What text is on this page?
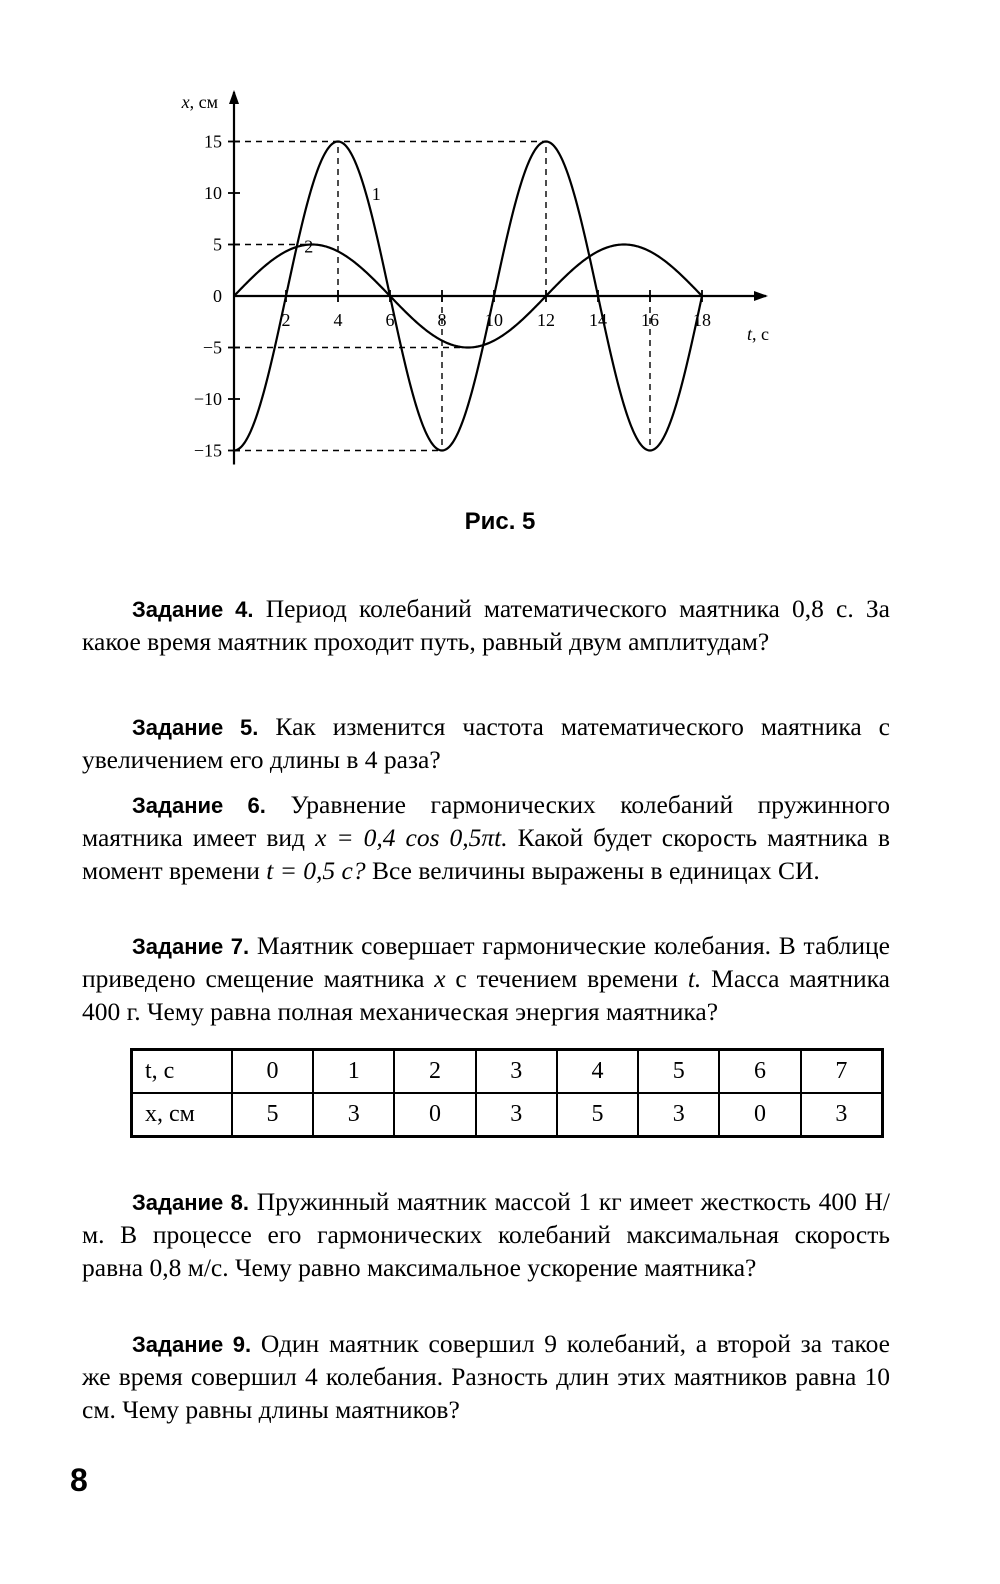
15
10
5
0
−5
−10
−15
2 4 6 8 10 12 14 16 18
x, см
t, с
1
2
Рис. 5

Задание 4. Период колебаний математического маятника 0,8 с. За какое время маятник проходит путь, равный двум амплитудам?

Задание 5. Как изменится частота математического маятника с увеличением его длины в 4 раза?

Задание 6. Уравнение гармонических колебаний пружинного маятника имеет вид x = 0,4 cos 0,5πt. Какой будет скорость маятника в момент времени t = 0,5 с? Все величины выражены в единицах СИ.

Задание 7. Маятник совершает гармонические колебания. В таблице приведено смещение маятника x с течением времени t. Масса маятника 400 г. Чему равна полная механическая энергия маятника?

t, с	0	1	2	3	4	5	6	7
x, см	5	3	0	3	5	3	0	3

Задание 8. Пружинный маятник массой 1 кг имеет жесткость 400 Н/м. В процессе его гармонических колебаний максимальная скорость равна 0,8 м/с. Чему равно максимальное ускорение маятника?

Задание 9. Один маятник совершил 9 колебаний, а второй за такое же время совершил 4 колебания. Разность длин этих маятников равна 10 см. Чему равны длины маятников?

8
